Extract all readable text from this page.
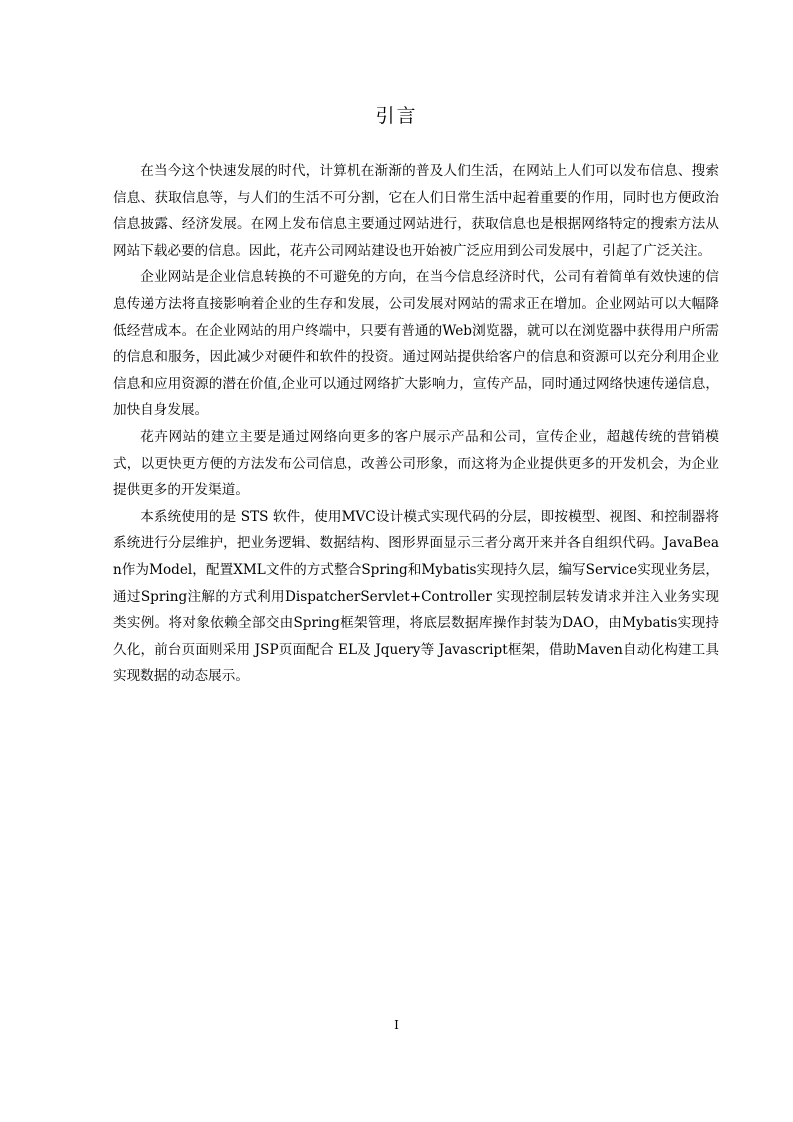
引言

在当今这个快速发展的时代，计算机在渐渐的普及人们生活，在网站上人们可以发布信息、搜索信息、获取信息等，与人们的生活不可分割，它在人们日常生活中起着重要的作用，同时也方便政治信息披露、经济发展。在网上发布信息主要通过网站进行，获取信息也是根据网络特定的搜索方法从网站下载必要的信息。因此，花卉公司网站建设也开始被广泛应用到公司发展中，引起了广泛关注。

企业网站是企业信息转换的不可避免的方向，在当今信息经济时代，公司有着简单有效快速的信息传递方法将直接影响着企业的生存和发展，公司发展对网站的需求正在增加。企业网站可以大幅降低经营成本。在企业网站的用户终端中，只要有普通的Web浏览器，就可以在浏览器中获得用户所需的信息和服务，因此减少对硬件和软件的投资。通过网站提供给客户的信息和资源可以充分利用企业信息和应用资源的潜在价值,企业可以通过网络扩大影响力，宣传产品，同时通过网络快速传递信息，加快自身发展。

花卉网站的建立主要是通过网络向更多的客户展示产品和公司，宣传企业，超越传统的营销模式，以更快更方便的方法发布公司信息，改善公司形象，而这将为企业提供更多的开发机会，为企业提供更多的开发渠道。

本系统使用的是 STS 软件，使用MVC设计模式实现代码的分层，即按模型、视图、和控制器将系统进行分层维护，把业务逻辑、数据结构、图形界面显示三者分离开来并各自组织代码。JavaBean作为Model，配置XML文件的方式整合Spring和Mybatis实现持久层，编写Service实现业务层，通过Spring注解的方式利用DispatcherServlet+Controller 实现控制层转发请求并注入业务实现类实例。将对象依赖全部交由Spring框架管理，将底层数据库操作封装为DAO，由Mybatis实现持久化，前台页面则采用 JSP页面配合 EL及 Jquery等 Javascript框架，借助Maven自动化构建工具实现数据的动态展示。

I
